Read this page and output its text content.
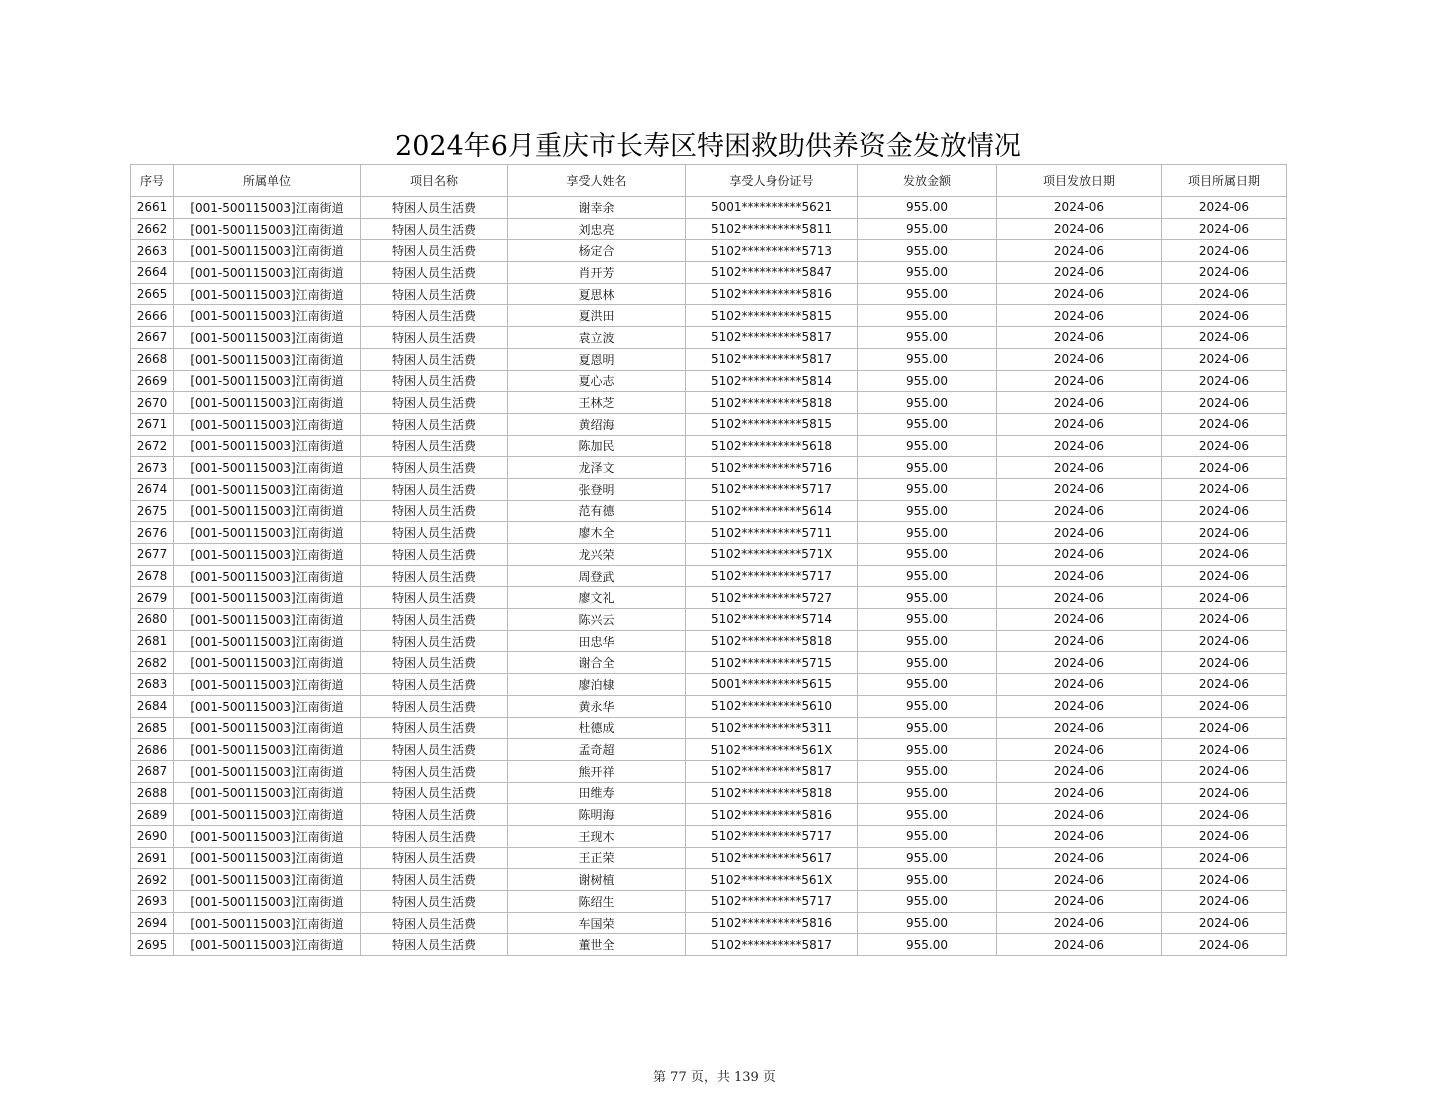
2024年6月重庆市长寿区特困救助供养资金发放情况
序号	所属单位	项目名称	享受人姓名	享受人身份证号	发放金额	项目发放日期	项目所属日期
2661	[001-500115003]江南街道	特困人员生活费	谢幸余	5001**********5621	955.00	2024-06	2024-06
2662	[001-500115003]江南街道	特困人员生活费	刘忠亮	5102**********5811	955.00	2024-06	2024-06
2663	[001-500115003]江南街道	特困人员生活费	杨定合	5102**********5713	955.00	2024-06	2024-06
2664	[001-500115003]江南街道	特困人员生活费	肖开芳	5102**********5847	955.00	2024-06	2024-06
2665	[001-500115003]江南街道	特困人员生活费	夏思林	5102**********5816	955.00	2024-06	2024-06
2666	[001-500115003]江南街道	特困人员生活费	夏洪田	5102**********5815	955.00	2024-06	2024-06
2667	[001-500115003]江南街道	特困人员生活费	袁立波	5102**********5817	955.00	2024-06	2024-06
2668	[001-500115003]江南街道	特困人员生活费	夏恩明	5102**********5817	955.00	2024-06	2024-06
2669	[001-500115003]江南街道	特困人员生活费	夏心志	5102**********5814	955.00	2024-06	2024-06
2670	[001-500115003]江南街道	特困人员生活费	王林芝	5102**********5818	955.00	2024-06	2024-06
2671	[001-500115003]江南街道	特困人员生活费	黄绍海	5102**********5815	955.00	2024-06	2024-06
2672	[001-500115003]江南街道	特困人员生活费	陈加民	5102**********5618	955.00	2024-06	2024-06
2673	[001-500115003]江南街道	特困人员生活费	龙泽文	5102**********5716	955.00	2024-06	2024-06
2674	[001-500115003]江南街道	特困人员生活费	张登明	5102**********5717	955.00	2024-06	2024-06
2675	[001-500115003]江南街道	特困人员生活费	范有德	5102**********5614	955.00	2024-06	2024-06
2676	[001-500115003]江南街道	特困人员生活费	廖木全	5102**********5711	955.00	2024-06	2024-06
2677	[001-500115003]江南街道	特困人员生活费	龙兴荣	5102**********571X	955.00	2024-06	2024-06
2678	[001-500115003]江南街道	特困人员生活费	周登武	5102**********5717	955.00	2024-06	2024-06
2679	[001-500115003]江南街道	特困人员生活费	廖文礼	5102**********5727	955.00	2024-06	2024-06
2680	[001-500115003]江南街道	特困人员生活费	陈兴云	5102**********5714	955.00	2024-06	2024-06
2681	[001-500115003]江南街道	特困人员生活费	田忠华	5102**********5818	955.00	2024-06	2024-06
2682	[001-500115003]江南街道	特困人员生活费	谢合全	5102**********5715	955.00	2024-06	2024-06
2683	[001-500115003]江南街道	特困人员生活费	廖泊棣	5001**********5615	955.00	2024-06	2024-06
2684	[001-500115003]江南街道	特困人员生活费	黄永华	5102**********5610	955.00	2024-06	2024-06
2685	[001-500115003]江南街道	特困人员生活费	杜德成	5102**********5311	955.00	2024-06	2024-06
2686	[001-500115003]江南街道	特困人员生活费	孟奇超	5102**********561X	955.00	2024-06	2024-06
2687	[001-500115003]江南街道	特困人员生活费	熊开祥	5102**********5817	955.00	2024-06	2024-06
2688	[001-500115003]江南街道	特困人员生活费	田维寿	5102**********5818	955.00	2024-06	2024-06
2689	[001-500115003]江南街道	特困人员生活费	陈明海	5102**********5816	955.00	2024-06	2024-06
2690	[001-500115003]江南街道	特困人员生活费	王现木	5102**********5717	955.00	2024-06	2024-06
2691	[001-500115003]江南街道	特困人员生活费	王正荣	5102**********5617	955.00	2024-06	2024-06
2692	[001-500115003]江南街道	特困人员生活费	谢树植	5102**********561X	955.00	2024-06	2024-06
2693	[001-500115003]江南街道	特困人员生活费	陈绍生	5102**********5717	955.00	2024-06	2024-06
2694	[001-500115003]江南街道	特困人员生活费	车国荣	5102**********5816	955.00	2024-06	2024-06
2695	[001-500115003]江南街道	特困人员生活费	董世全	5102**********5817	955.00	2024-06	2024-06
第 77 页，共 139 页
